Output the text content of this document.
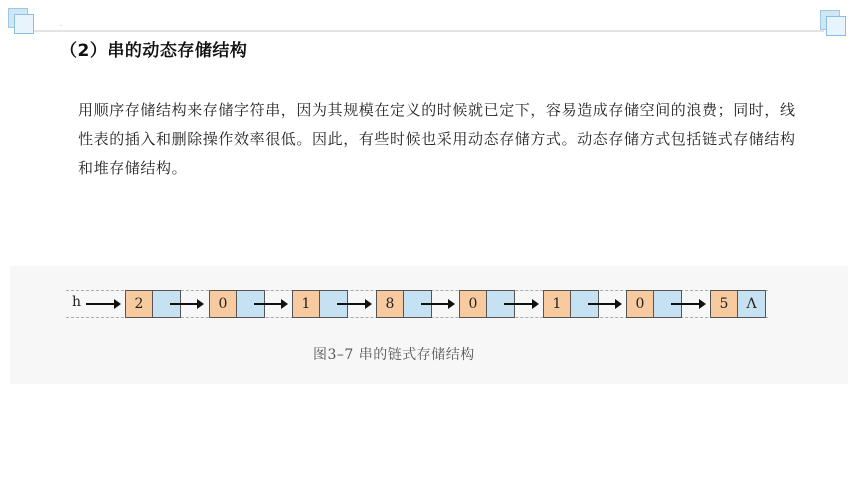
.
（2）串的动态存储结构
用顺序存储结构来存储字符串，因为其规模在定义的时候就已定下，容易造成存储空间的浪费；同时，线性表的插入和删除操作效率很低。因此，有些时候也采用动态存储方式。动态存储方式包括链式存储结构和堆存储结构。
h	2	0	1	8	0	1	0	5	Λ
图3–7 串的链式存储结构
